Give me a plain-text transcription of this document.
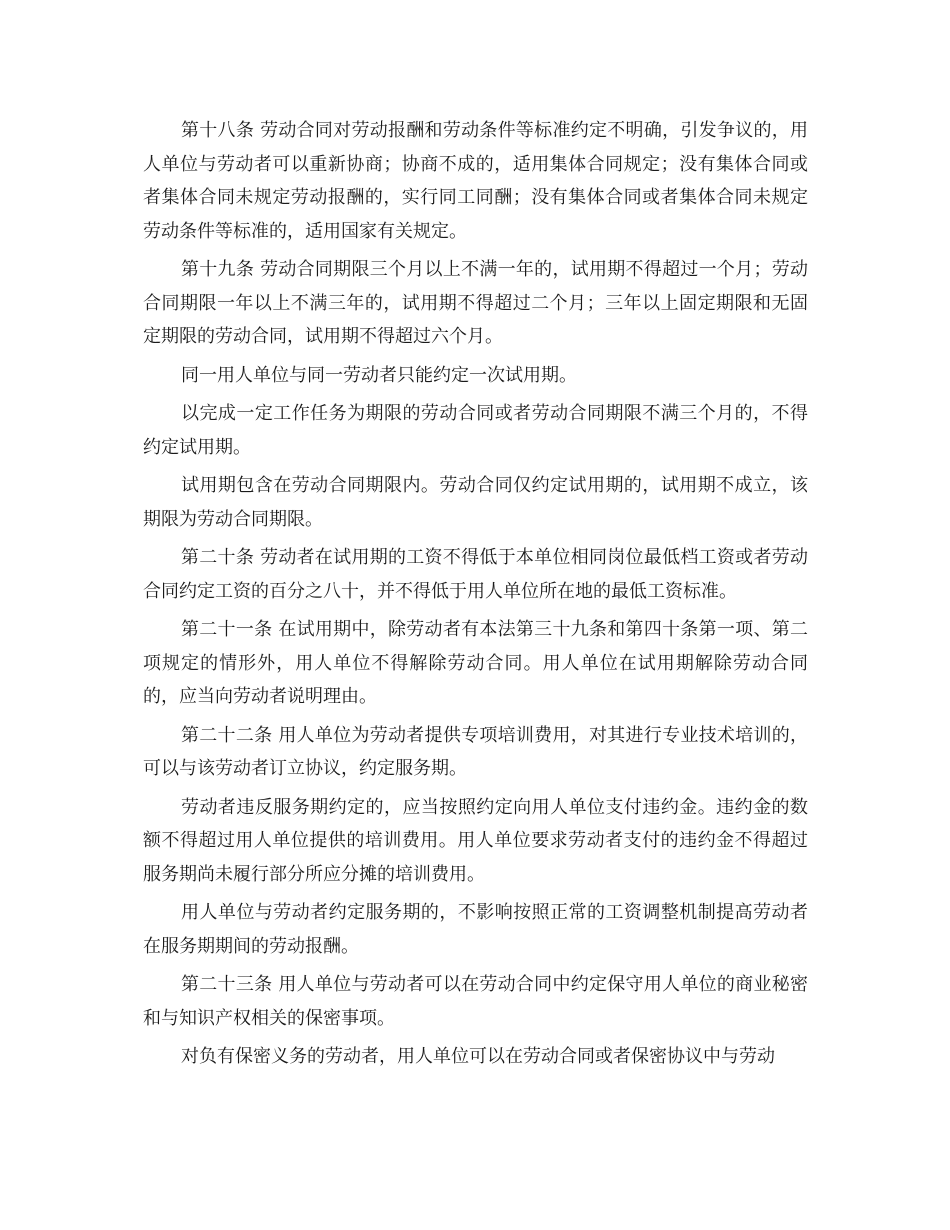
第十八条 劳动合同对劳动报酬和劳动条件等标准约定不明确，引发争议的，用人单位与劳动者可以重新协商；协商不成的，适用集体合同规定；没有集体合同或者集体合同未规定劳动报酬的，实行同工同酬；没有集体合同或者集体合同未规定劳动条件等标准的，适用国家有关规定。

第十九条 劳动合同期限三个月以上不满一年的，试用期不得超过一个月；劳动合同期限一年以上不满三年的，试用期不得超过二个月；三年以上固定期限和无固定期限的劳动合同，试用期不得超过六个月。

同一用人单位与同一劳动者只能约定一次试用期。

以完成一定工作任务为期限的劳动合同或者劳动合同期限不满三个月的，不得约定试用期。

试用期包含在劳动合同期限内。劳动合同仅约定试用期的，试用期不成立，该期限为劳动合同期限。

第二十条 劳动者在试用期的工资不得低于本单位相同岗位最低档工资或者劳动合同约定工资的百分之八十，并不得低于用人单位所在地的最低工资标准。

第二十一条 在试用期中，除劳动者有本法第三十九条和第四十条第一项、第二项规定的情形外，用人单位不得解除劳动合同。用人单位在试用期解除劳动合同的，应当向劳动者说明理由。

第二十二条 用人单位为劳动者提供专项培训费用，对其进行专业技术培训的，可以与该劳动者订立协议，约定服务期。

劳动者违反服务期约定的，应当按照约定向用人单位支付违约金。违约金的数额不得超过用人单位提供的培训费用。用人单位要求劳动者支付的违约金不得超过服务期尚未履行部分所应分摊的培训费用。

用人单位与劳动者约定服务期的，不影响按照正常的工资调整机制提高劳动者在服务期期间的劳动报酬。

第二十三条 用人单位与劳动者可以在劳动合同中约定保守用人单位的商业秘密和与知识产权相关的保密事项。

对负有保密义务的劳动者，用人单位可以在劳动合同或者保密协议中与劳动
